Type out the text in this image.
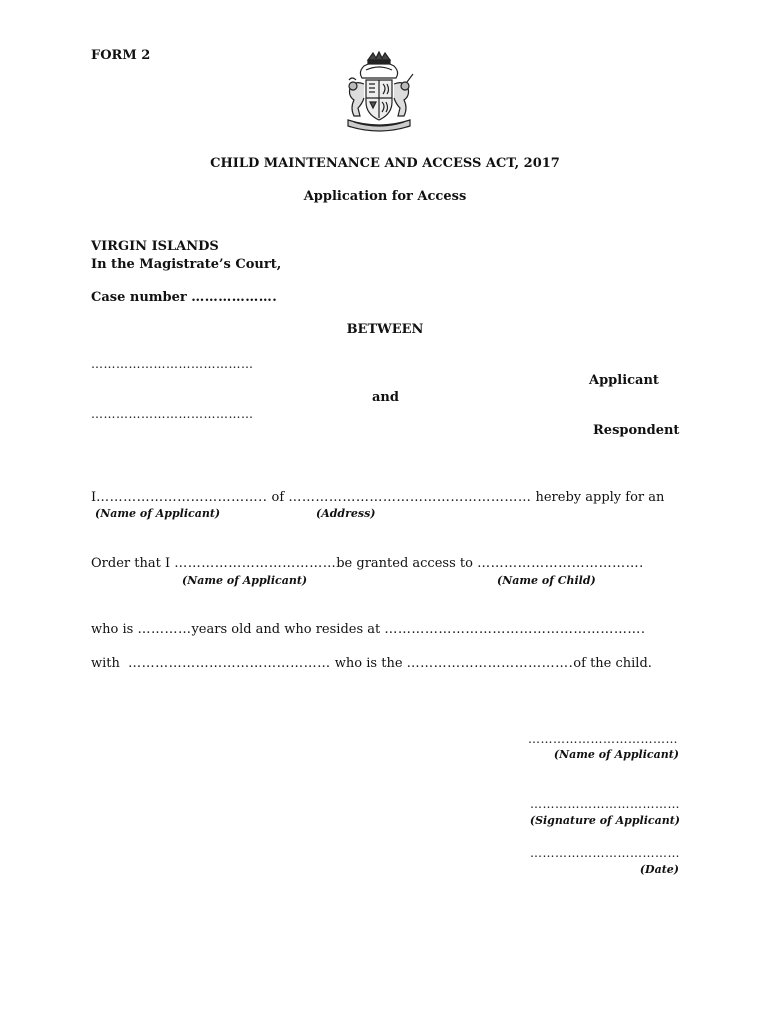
FORM 2
CHILD MAINTENANCE AND ACCESS ACT, 2017
Application for Access
VIRGIN ISLANDS
In the Magistrate’s Court,
Case number ……………….
BETWEEN
…………………………………
Applicant
and
…………………………………
Respondent
I……………………………….. of ……………………………………………… hereby apply for an
(Name of Applicant)	(Address)
Order that I ………………………………be granted access to ……………………………….
(Name of Applicant)	(Name of Child)
who is …………years old and who resides at ………………………………………………….
with ……………………………………… who is the ……………………………….of the child.
………………………………
(Name of Applicant)
………………………………
(Signature of Applicant)
………………………………
(Date)
